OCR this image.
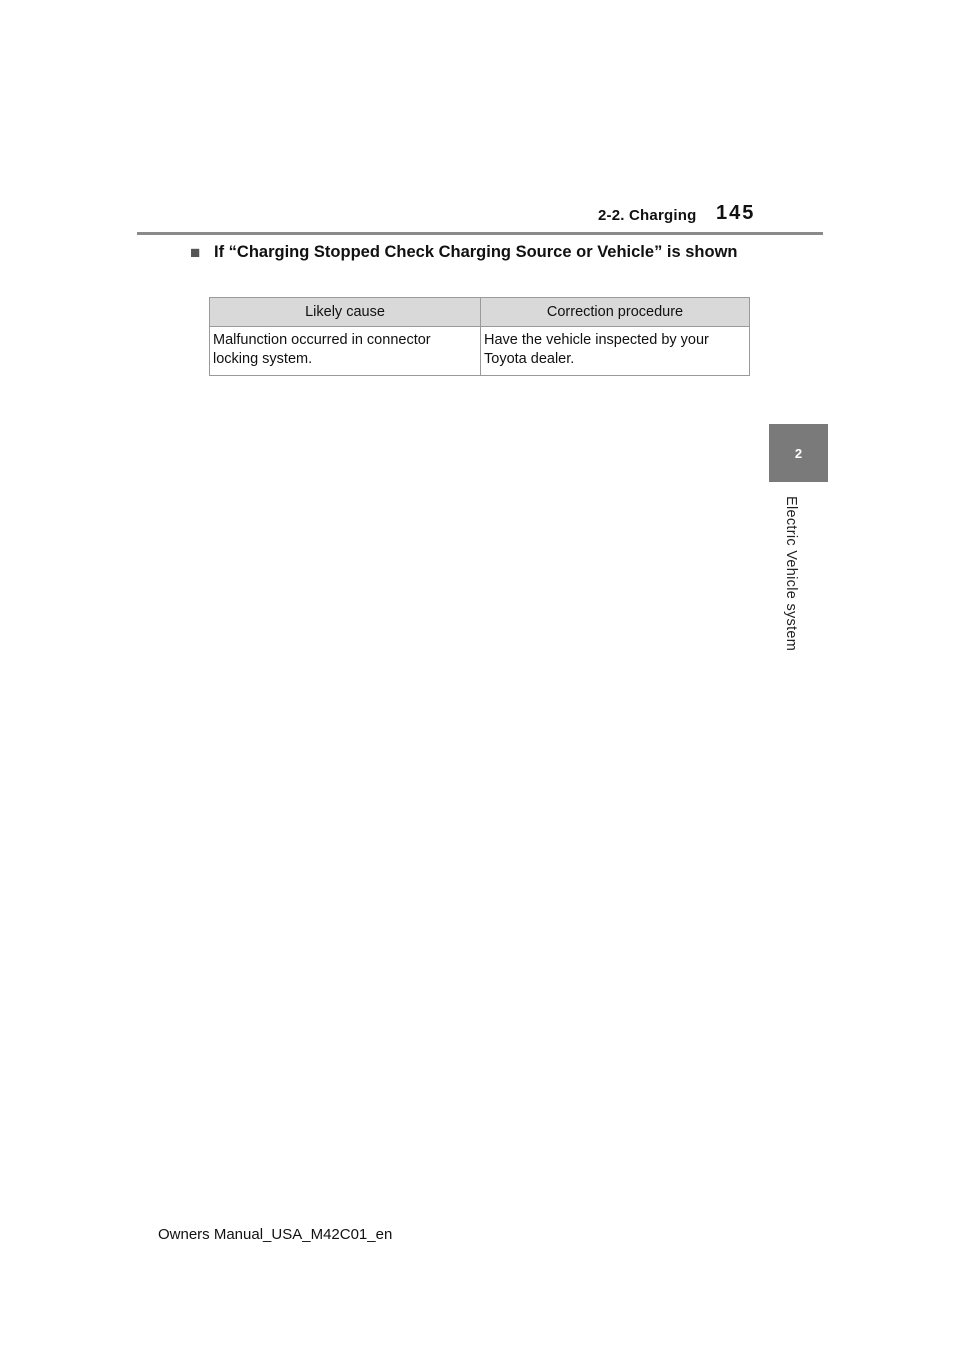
2-2. Charging 145
2
Electric Vehicle system
■ If “Charging Stopped Check Charging Source or Vehicle” is shown
Likely cause	Correction procedure
Malfunction occurred in connector locking system.	Have the vehicle inspected by your Toyota dealer.
Owners Manual_USA_M42C01_en
